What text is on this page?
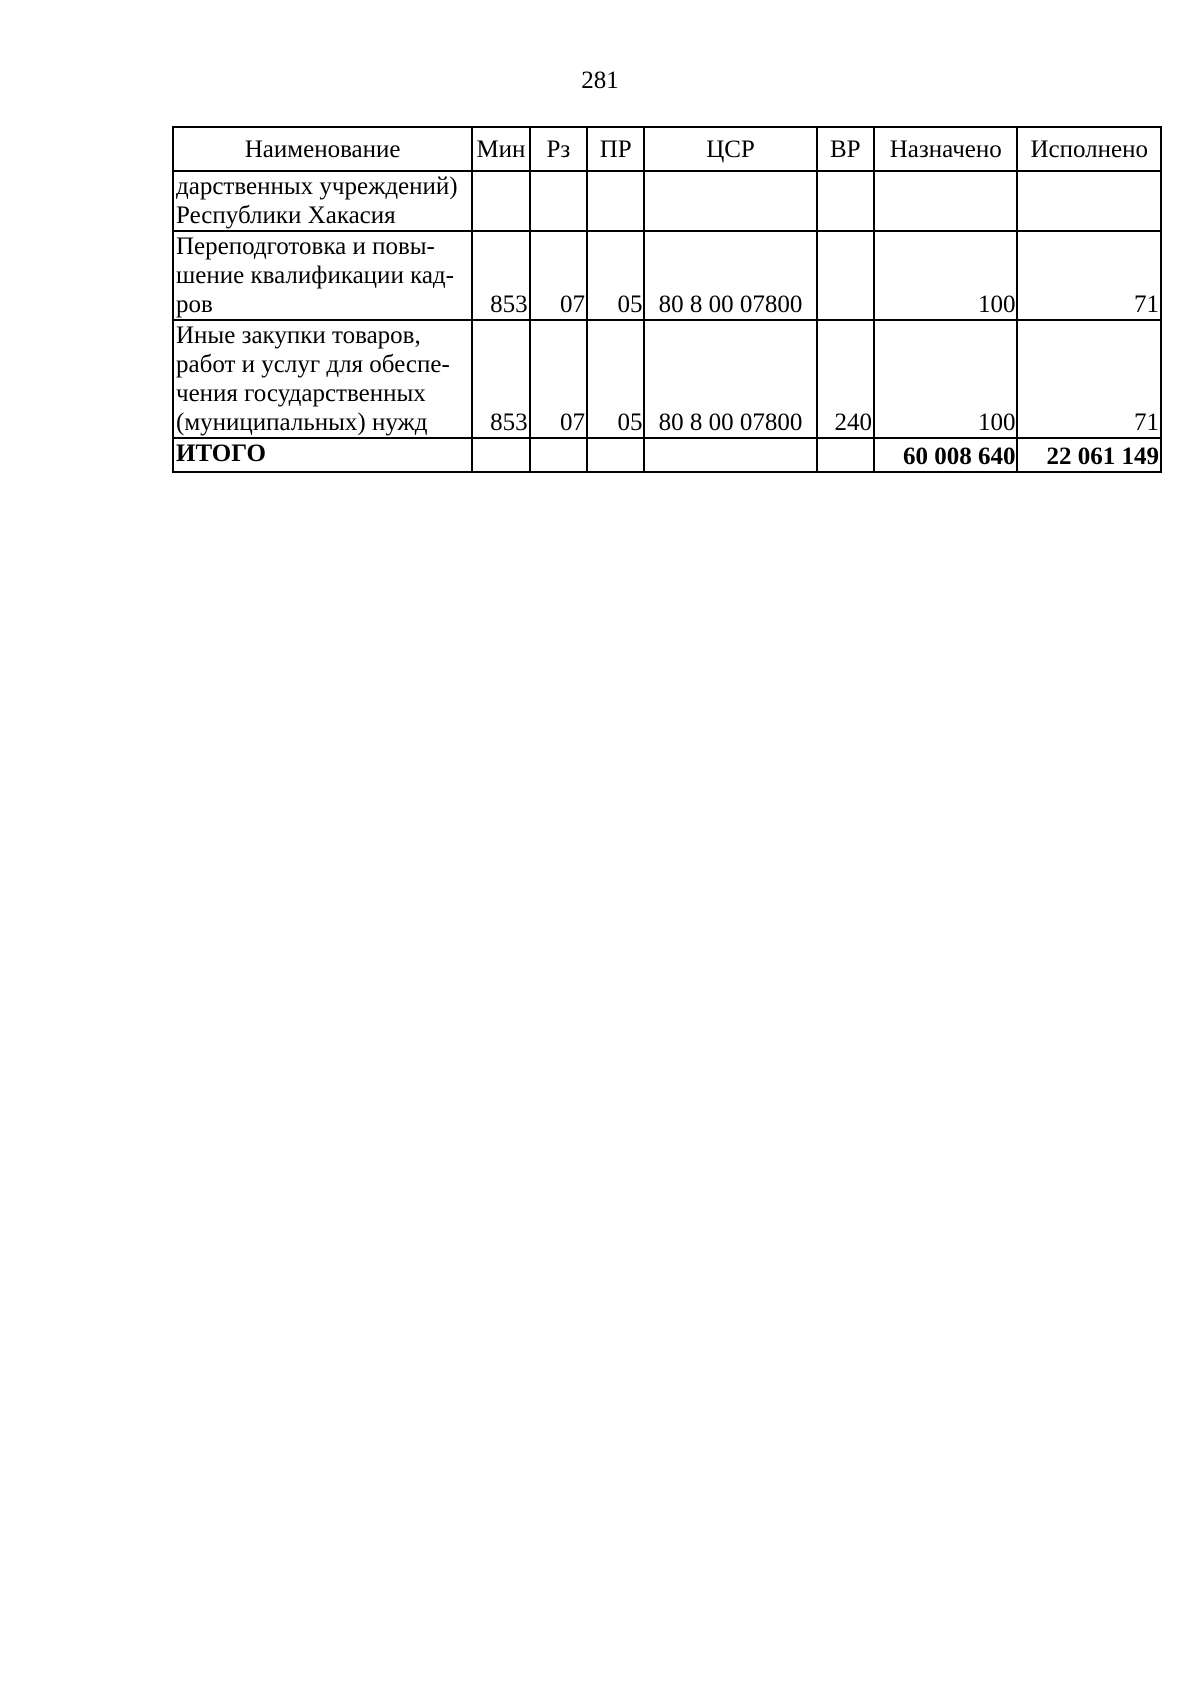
281
Наименование	Мин	Рз	ПР	ЦСР	ВР	Назначено	Исполнено

дарственных учреждений)
Республики Хакасия							

Переподготовка и повы-
шение квалификации кад-
ров	853	07	05	80 8 00 07800		100	71

Иные закупки товаров,
работ и услуг для обеспе-
чения государственных
(муниципальных) нужд	853	07	05	80 8 00 07800	240	100	71
ИТОГО						60 008 640	22 061 149
